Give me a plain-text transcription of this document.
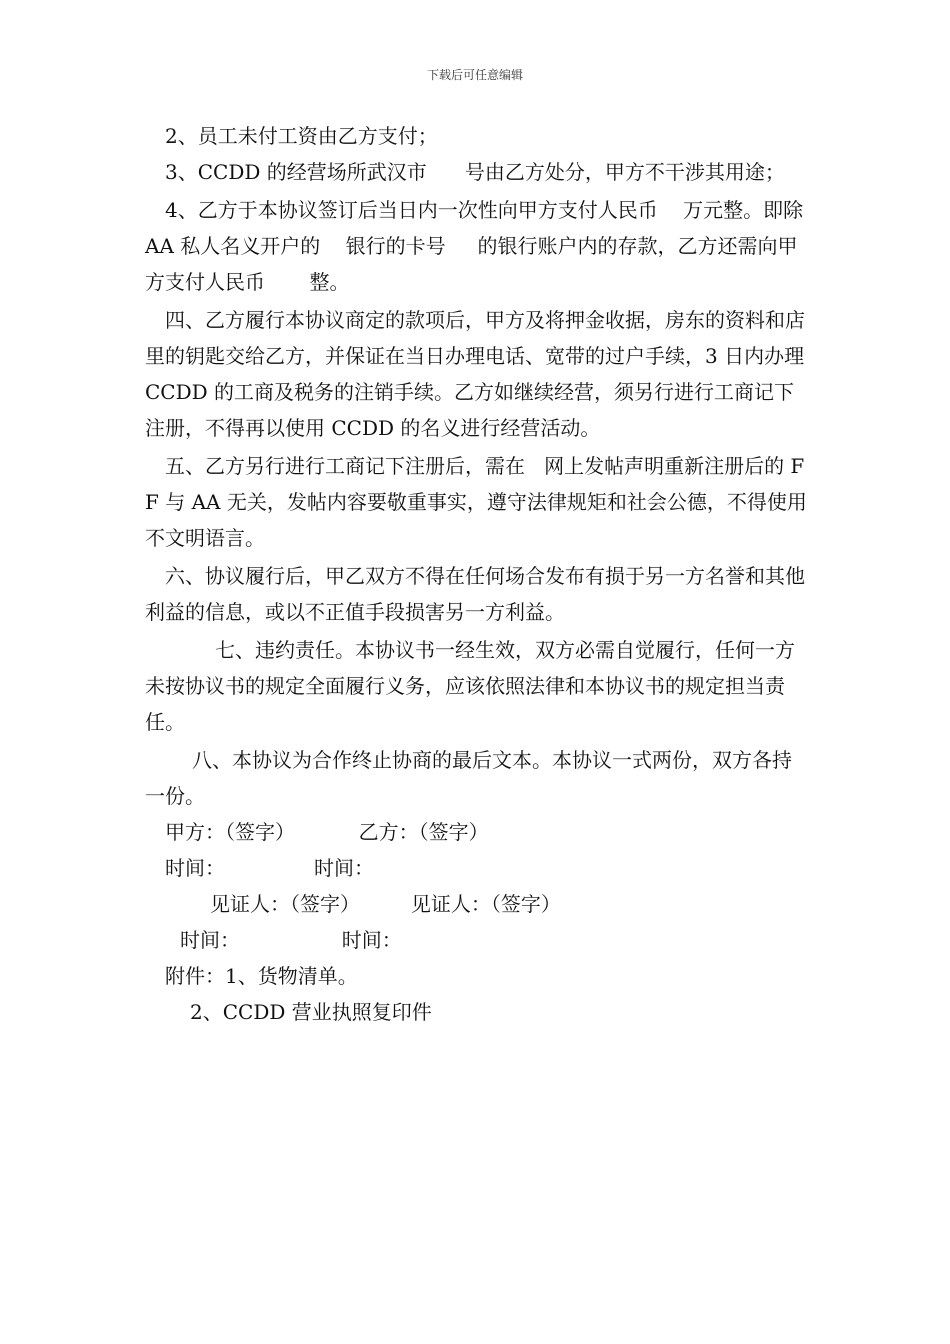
下载后可任意编辑

2、员工未付工资由乙方支付；

3、CCDD 的经营场所武汉市      号由乙方处分，甲方不干涉其用途；

4、乙方于本协议签订后当日内一次性向甲方支付人民币    万元整。即除 AA 私人名义开户的    银行的卡号     的银行账户内的存款，乙方还需向甲方支付人民币       整。

四、乙方履行本协议商定的款项后，甲方及将押金收据，房东的资料和店里的钥匙交给乙方，并保证在当日办理电话、宽带的过户手续，3 日内办理 CCDD 的工商及税务的注销手续。乙方如继续经营，须另行进行工商记下注册，不得再以使用 CCDD 的名义进行经营活动。

五、乙方另行进行工商记下注册后，需在   网上发帖声明重新注册后的 FF 与 AA 无关，发帖内容要敬重事实，遵守法律规矩和社会公德，不得使用不文明语言。

六、协议履行后，甲乙双方不得在任何场合发布有损于另一方名誉和其他利益的信息，或以不正值手段损害另一方利益。

七、违约责任。本协议书一经生效，双方必需自觉履行，任何一方未按协议书的规定全面履行义务，应该依照法律和本协议书的规定担当责任。

八、本协议为合作终止协商的最后文本。本协议一式两份，双方各持一份。

甲方：（签字）          乙方：（签字）

时间：              时间：

见证人：（签字）        见证人：（签字）

时间：                时间：

附件：1、货物清单。

2、CCDD 营业执照复印件
